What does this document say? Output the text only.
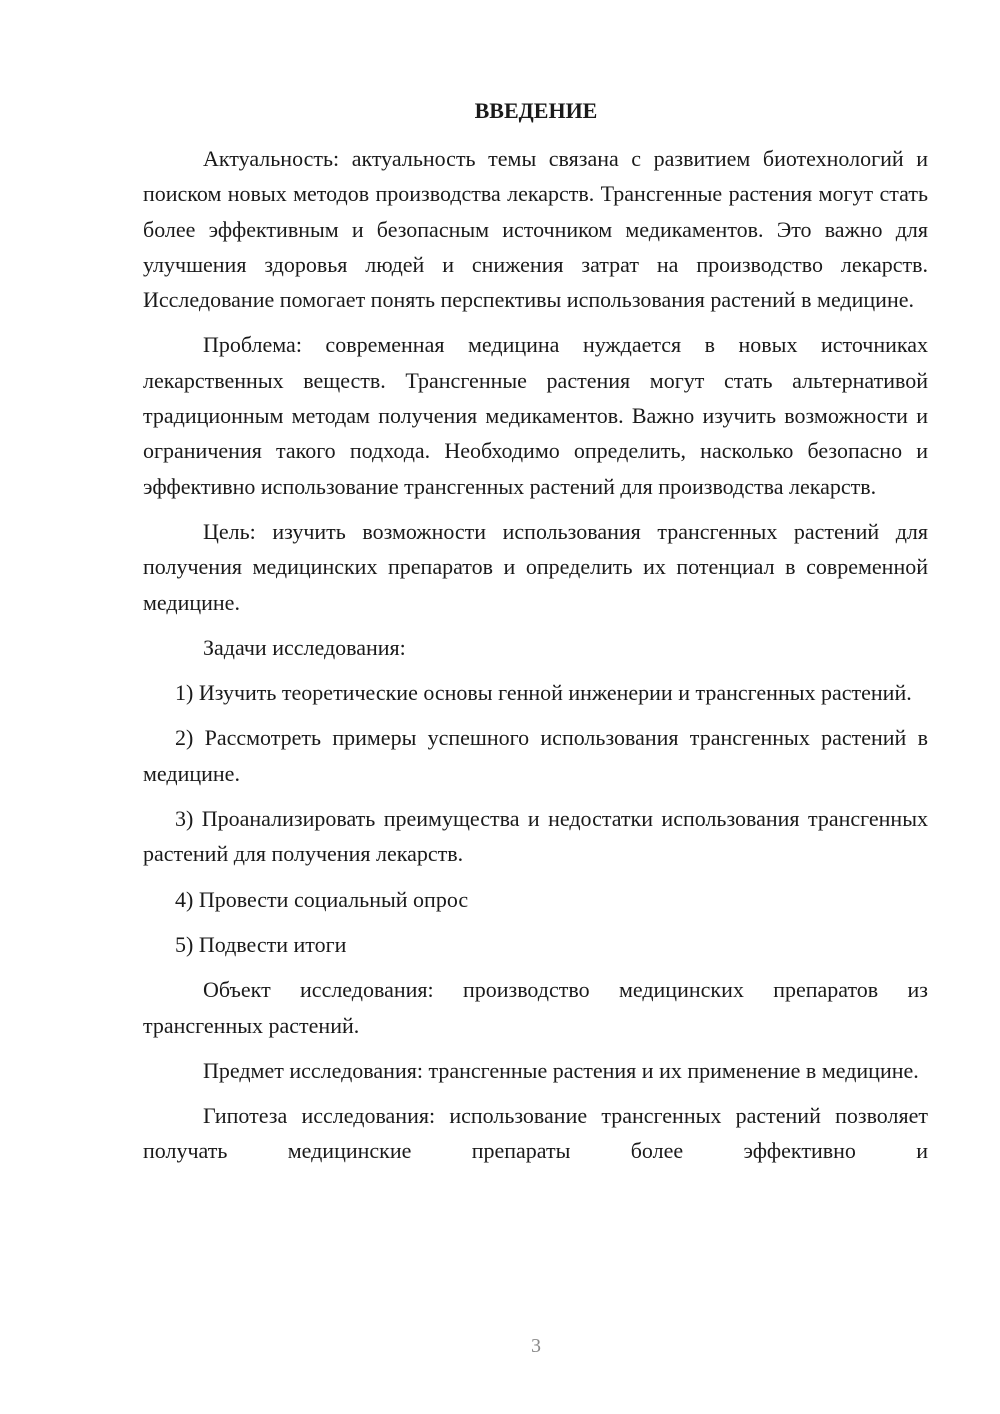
ВВЕДЕНИЕ

Актуальность: актуальность темы связана с развитием биотехнологий и поиском новых методов производства лекарств. Трансгенные растения могут стать более эффективным и безопасным источником медикаментов. Это важно для улучшения здоровья людей и снижения затрат на производство лекарств. Исследование помогает понять перспективы использования растений в медицине.

Проблема: современная медицина нуждается в новых источниках лекарственных веществ. Трансгенные растения могут стать альтернативой традиционным методам получения медикаментов. Важно изучить возможности и ограничения такого подхода. Необходимо определить, насколько безопасно и эффективно использование трансгенных растений для производства лекарств.

Цель: изучить возможности использования трансгенных растений для получения медицинских препаратов и определить их потенциал в современной медицине.

Задачи исследования:

1) Изучить теоретические основы генной инженерии и трансгенных растений.

2) Рассмотреть примеры успешного использования трансгенных растений в медицине.

3) Проанализировать преимущества и недостатки использования трансгенных растений для получения лекарств.

4) Провести социальный опрос

5) Подвести итоги

Объект исследования: производство медицинских препаратов из трансгенных растений.

Предмет исследования: трансгенные растения и их применение в медицине.

Гипотеза исследования: использование трансгенных растений позволяет получать медицинские препараты более эффективно и

3
